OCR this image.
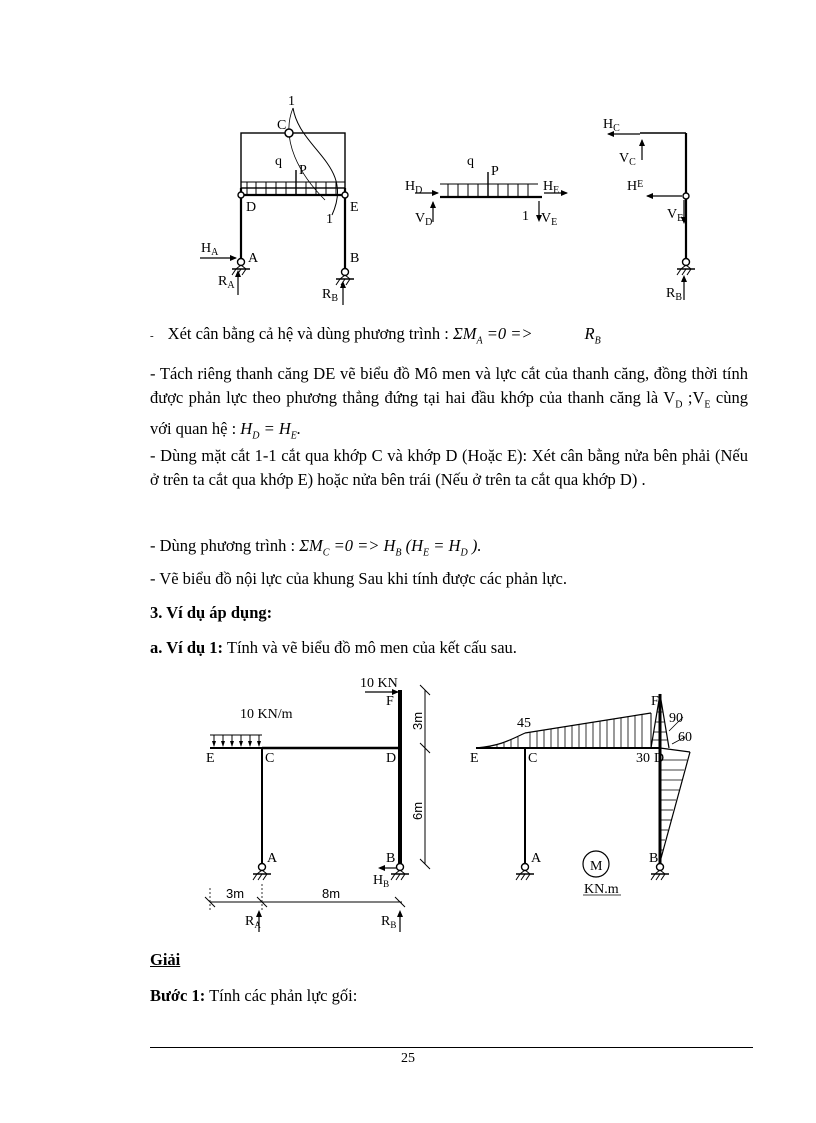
1
C
q
P
D	E
1
$H_A$ A	B
$R_A$
$R_B$
q
P
$H_D$	$H_E$
$V_D$	1 $V_E$
$H_C$
$V_C$
$H^E$
$V_E$
$R_B$
- Xét cân bằng cả hệ và dùng phương trình : $\Sigma M_A =0$ =>	$R_B$
- Tách riêng thanh căng DE vẽ biểu đồ Mô men và lực cắt của thanh căng, đồng thời tính được phản lực theo phương thẳng đứng tại hai đầu khớp của thanh căng là $V_D$ $;V_E$ cùng với quan hệ : $H_D = H_E$.
- Dùng mặt cắt 1-1 cắt qua khớp C và khớp D (Hoặc E): Xét cân bằng nửa bên phải (Nếu ở trên ta cắt qua khớp E) hoặc nửa bên trái (Nếu ở trên ta cắt qua khớp D) .
- Dùng phương trình : $\Sigma M_C =0 => H_B$ ($H_E = H_D$ ).
- Vẽ biểu đồ nội lực của khung Sau khi tính được các phản lực.
3. Ví dụ áp dụng:
a. Ví dụ 1: Tính và vẽ biểu đồ mô men của kết cấu sau.
10 KN
F
10 KN/m
E	C	D
3m
6m
A	B
$H_B$
3m	8m
$R_A$	$R_B$
F
45	90
60
E	C	30 D
A	B
M
KN.m
Giải
Bước 1: Tính các phản lực gối:
25
